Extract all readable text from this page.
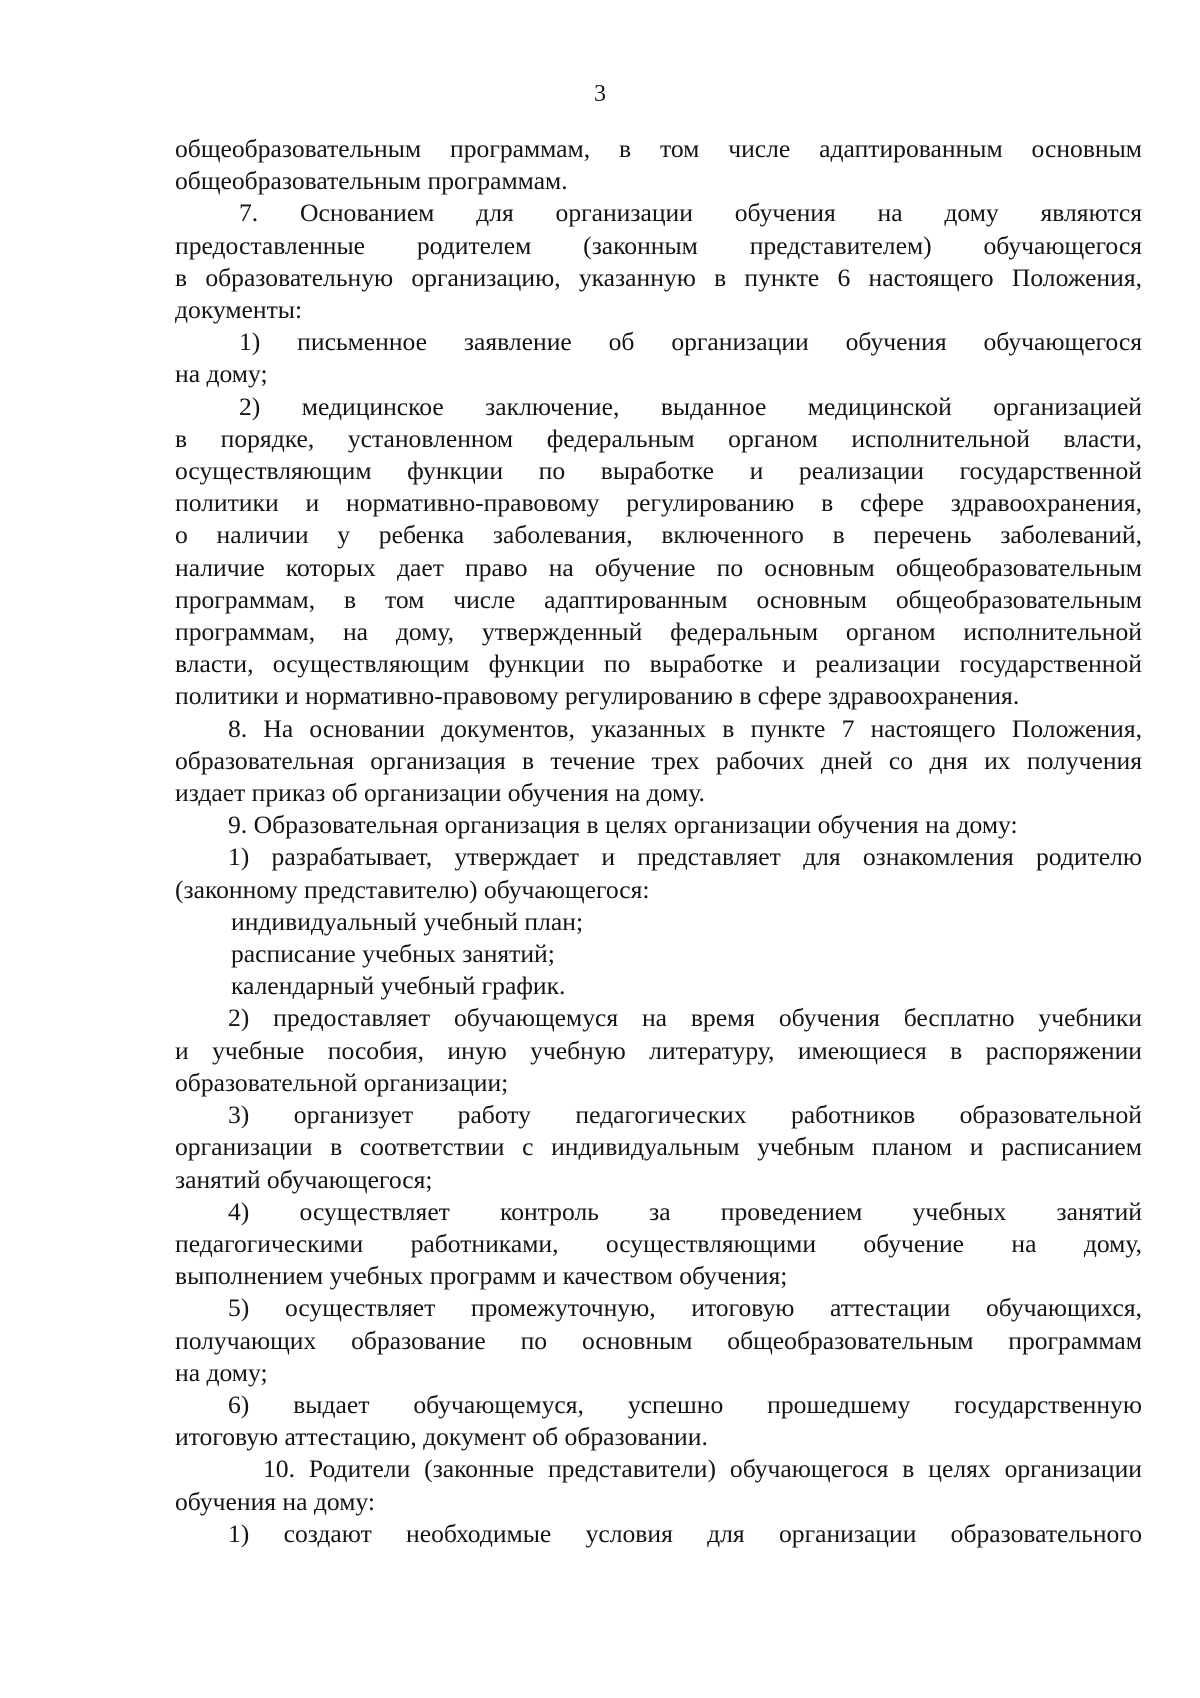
3

общеобразовательным программам, в том числе адаптированным основным

общеобразовательным программам.

7. Основанием для организации обучения на дому являются

предоставленные родителем (законным представителем) обучающегося

в образовательную организацию, указанную в пункте 6 настоящего Положения,

документы:

1) письменное заявление об организации обучения обучающегося

на дому;

2) медицинское заключение, выданное медицинской организацией

в порядке, установленном федеральным органом исполнительной власти,

осуществляющим функции по выработке и реализации государственной

политики и нормативно-правовому регулированию в сфере здравоохранения,

о наличии у ребенка заболевания, включенного в перечень заболеваний,

наличие которых дает право на обучение по основным общеобразовательным

программам, в том числе адаптированным основным общеобразовательным

программам, на дому, утвержденный федеральным органом исполнительной

власти, осуществляющим функции по выработке и реализации государственной

политики и нормативно-правовому регулированию в сфере здравоохранения.

8. На основании документов, указанных в пункте 7 настоящего Положения,

образовательная организация в течение трех рабочих дней со дня их получения

издает приказ об организации обучения на дому.

9. Образовательная организация в целях организации обучения на дому:

1) разрабатывает, утверждает и представляет для ознакомления родителю

(законному представителю) обучающегося:

индивидуальный учебный план;

расписание учебных занятий;

календарный учебный график.

2) предоставляет обучающемуся на время обучения бесплатно учебники

и учебные пособия, иную учебную литературу, имеющиеся в распоряжении

образовательной организации;

3) организует работу педагогических работников образовательной

организации в соответствии с индивидуальным учебным планом и расписанием

занятий обучающегося;

4) осуществляет контроль за проведением учебных занятий

педагогическими работниками, осуществляющими обучение на дому,

выполнением учебных программ и качеством обучения;

5) осуществляет промежуточную, итоговую аттестации обучающихся,

получающих образование по основным общеобразовательным программам

на дому;

6) выдает обучающемуся, успешно прошедшему государственную

итоговую аттестацию, документ об образовании.

10. Родители (законные представители) обучающегося в целях организации

обучения на дому:

1) создают необходимые условия для организации образовательного
